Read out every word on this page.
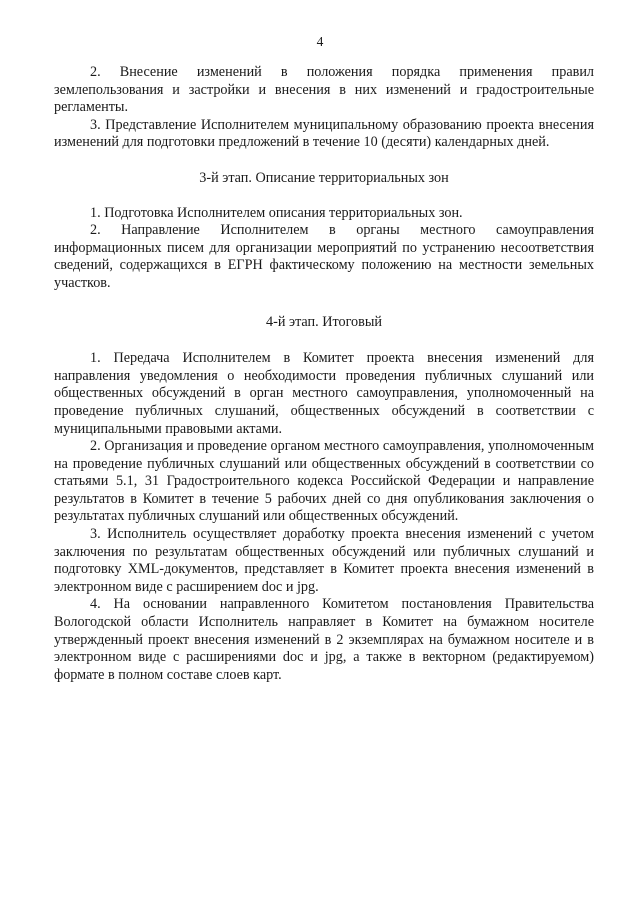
4

2. Внесение изменений в положения порядка применения правил землепользования и застройки и внесения в них изменений и градостроительные регламенты.

3. Представление Исполнителем муниципальному образованию проекта внесения изменений для подготовки предложений в течение 10 (десяти) календарных дней.

3-й этап. Описание территориальных зон

1. Подготовка Исполнителем описания территориальных зон.

2. Направление Исполнителем в органы местного самоуправления информационных писем для организации мероприятий по устранению несоответствия сведений, содержащихся в ЕГРН фактическому положению на местности земельных участков.

4-й этап. Итоговый

1. Передача Исполнителем в Комитет проекта внесения изменений для направления уведомления о необходимости проведения публичных слушаний или общественных обсуждений в орган местного самоуправления, уполномоченный на проведение публичных слушаний, общественных обсуждений в соответствии с муниципальными правовыми актами.

2. Организация и проведение органом местного самоуправления, уполномоченным на проведение публичных слушаний или общественных обсуждений в соответствии со статьями 5.1, 31 Градостроительного кодекса Российской Федерации и направление результатов в Комитет в течение 5 рабочих дней со дня опубликования заключения о результатах публичных слушаний или общественных обсуждений.

3. Исполнитель осуществляет доработку проекта внесения изменений с учетом заключения по результатам общественных обсуждений или публичных слушаний и подготовку XML-документов, представляет в Комитет проекта внесения изменений в электронном виде с расширением doc и jpg.

4. На основании направленного Комитетом постановления Правительства Вологодской области Исполнитель направляет в Комитет на бумажном носителе утвержденный проект внесения изменений в 2 экземплярах на бумажном носителе и в электронном виде с расширениями doc и jpg, а также в векторном (редактируемом) формате в полном составе слоев карт.
